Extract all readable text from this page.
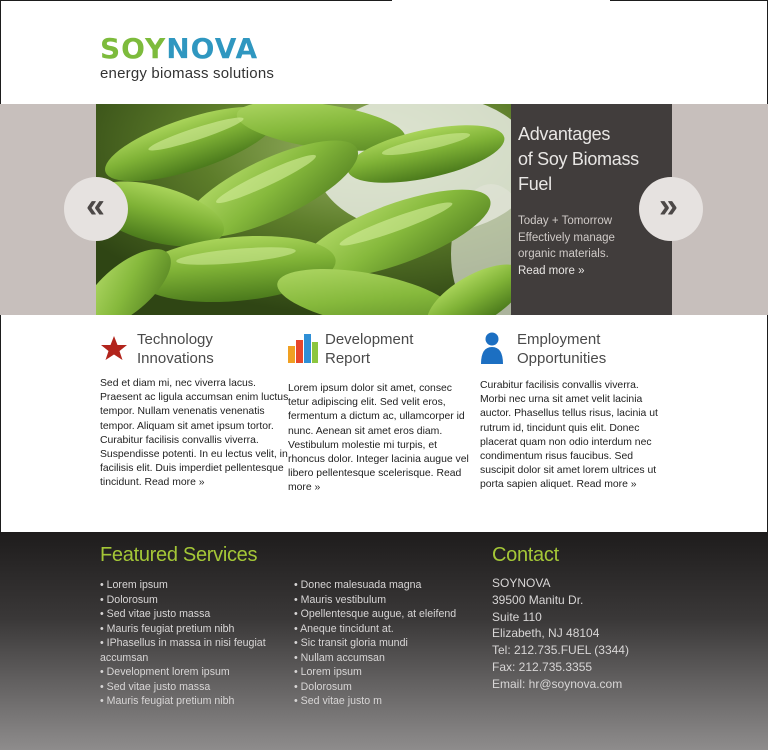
SOYNOVA
energy biomass solutions
Advantages
of Soy Biomass Fuel
Today + Tomorrow
Effectively manage
organic materials.
Read more »
«	»
Technology
Innovations

Sed et diam mi, nec viverra lacus. Praesent ac ligula accumsan enim luctus tempor. Nullam venenatis venenatis tempor. Aliquam sit amet ipsum tortor. Curabitur facilisis convallis viverra. Suspendisse potenti. In eu lectus velit, in facilisis elit. Duis imperdiet pellentesque tincidunt. Read more »

Development
Report

Lorem ipsum dolor sit amet, consec tetur adipiscing elit. Sed velit eros, fermentum a dictum ac, ullamcorper id nunc. Aenean sit amet eros diam. Vestibulum molestie mi turpis, et rhoncus dolor. Integer lacinia augue vel libero pellentesque scelerisque. Read more »

Employment
Opportunities

Curabitur facilisis convallis viverra. Morbi nec urna sit amet velit lacinia auctor. Phasellus tellus risus, lacinia ut rutrum id, tincidunt quis elit. Donec placerat quam non odio interdum nec condimentum risus faucibus. Sed suscipit dolor sit amet lorem ultrices ut porta sapien aliquet. Read more »

Featured Services	Contact
• Lorem ipsum
• Dolorosum
• Sed vitae justo massa
• Mauris feugiat pretium nibh
• IPhasellus in massa in nisi feugiat accumsan
• Development lorem ipsum
• Sed vitae justo massa
• Mauris feugiat pretium nibh
• Donec malesuada magna
• Mauris vestibulum
• Opellentesque augue, at eleifend
• Aneque tincidunt at.
• Sic transit gloria mundi
• Nullam accumsan
• Lorem ipsum
• Dolorosum
• Sed vitae justo m
SOYNOVA
39500 Manitu Dr.
Suite 110
Elizabeth, NJ 48104
Tel: 212.735.FUEL (3344)
Fax: 212.735.3355
Email: hr@soynova.com
